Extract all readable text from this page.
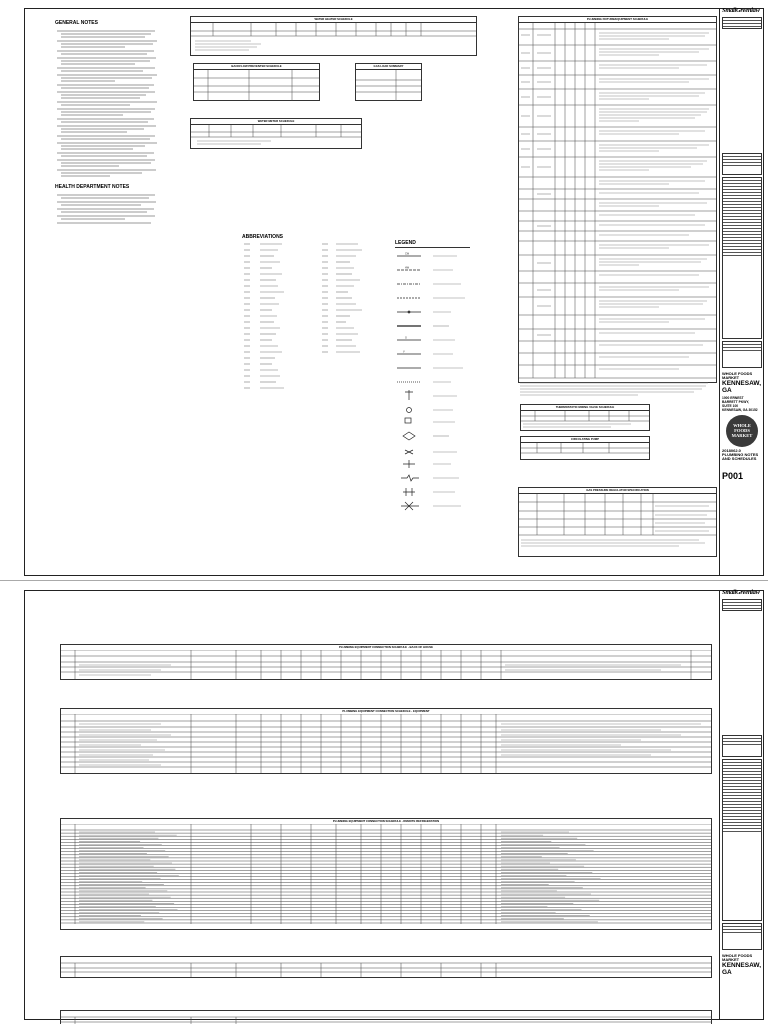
GENERAL NOTES
HEALTH DEPARTMENT NOTES
WATER HEATER SCHEDULE
BACKFLOW PREVENTER SCHEDULE	GAS LOAD SUMMARY
WATER METER SCHEDULE
ABBREVIATIONS
LEGEND
CW
HW
G
V
PLUMBING FIXTURE/EQUIPMENT SCHEDULE
THERMOSTATIC MIXING VALVE SCHEDULE
CIRCULATING PUMP
GAS PRESSURE REGULATOR SPECIFICATION
SmallGreenlaw
WHOLE FOODS MARKET
KENNESAW, GA
1000 ERNEST
BARRETT PKWY,
SUITE 100
KENNESAW, GA 30152
WHOLE FOODS MARKET
2018062.0
PLUMBING NOTES AND SCHEDULES
P001
PLUMBING EQUIPMENT CONNECTION SCHEDULE - BACK OF HOUSE
PLUMBING EQUIPMENT CONNECTION SCHEDULE - EQUIPMENT
PLUMBING EQUIPMENT CONNECTION SCHEDULE - REMOTE REFRIGERATION
SmallGreenlaw
WHOLE FOODS MARKET
KENNESAW, GA
